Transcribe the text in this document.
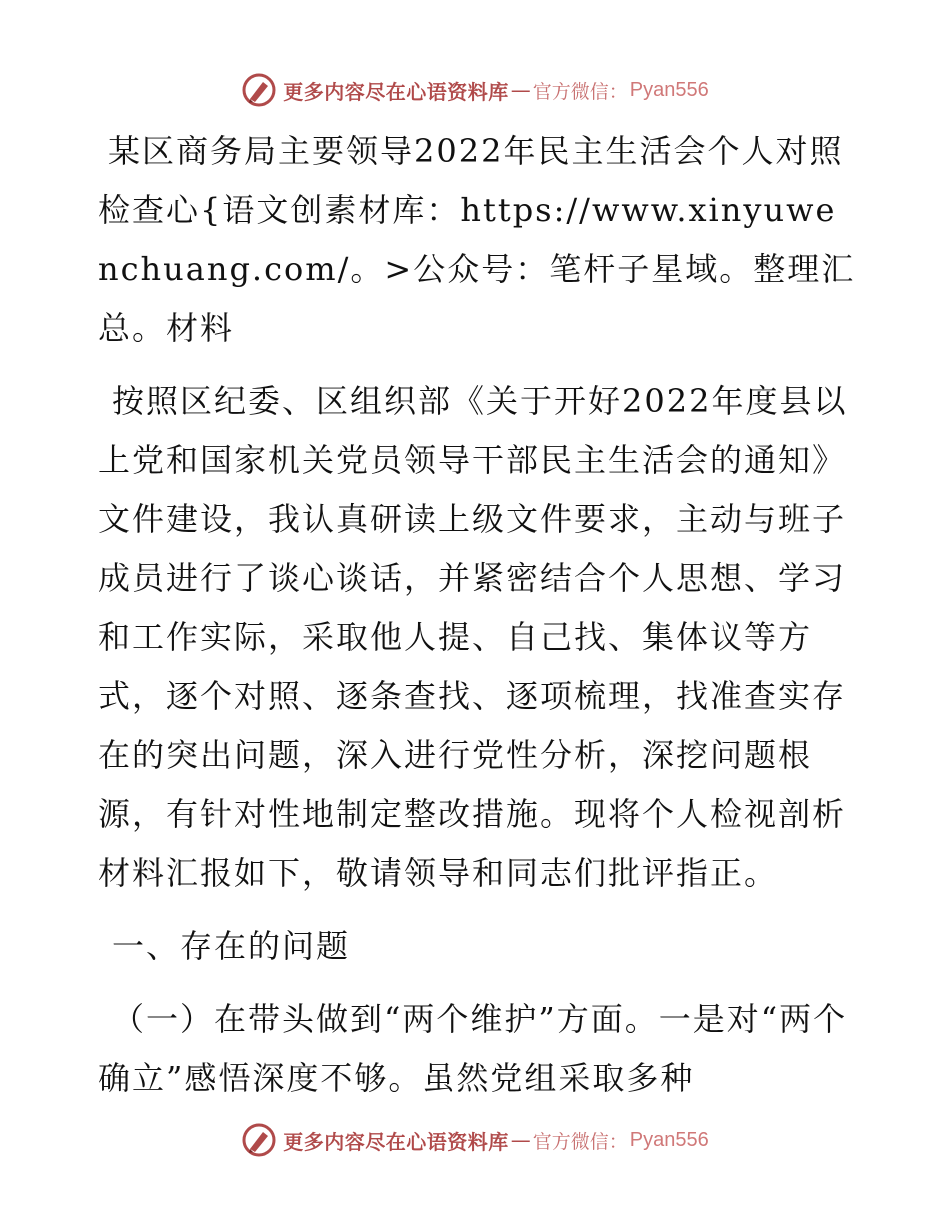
更多内容尽在心语资料库 — 官方微信： Pyan556

某区商务局主要领导2022年民主生活会个人对照检查心{语文创素材库：https://www.xinyuwenchuang.com/。>公众号：笔杆子星域。整理汇总。材料

按照区纪委、区组织部《关于开好2022年度县以上党和国家机关党员领导干部民主生活会的通知》文件建设，我认真研读上级文件要求，主动与班子成员进行了谈心谈话，并紧密结合个人思想、学习和工作实际，采取他人提、自己找、集体议等方式，逐个对照、逐条查找、逐项梳理，找准查实存在的突出问题，深入进行党性分析，深挖问题根源，有针对性地制定整改措施。现将个人检视剖析材料汇报如下，敬请领导和同志们批评指正。

一、存在的问题

（一）在带头做到“两个维护”方面。一是对“两个确立”感悟深度不够。虽然党组采取多种

更多内容尽在心语资料库 — 官方微信： Pyan556
